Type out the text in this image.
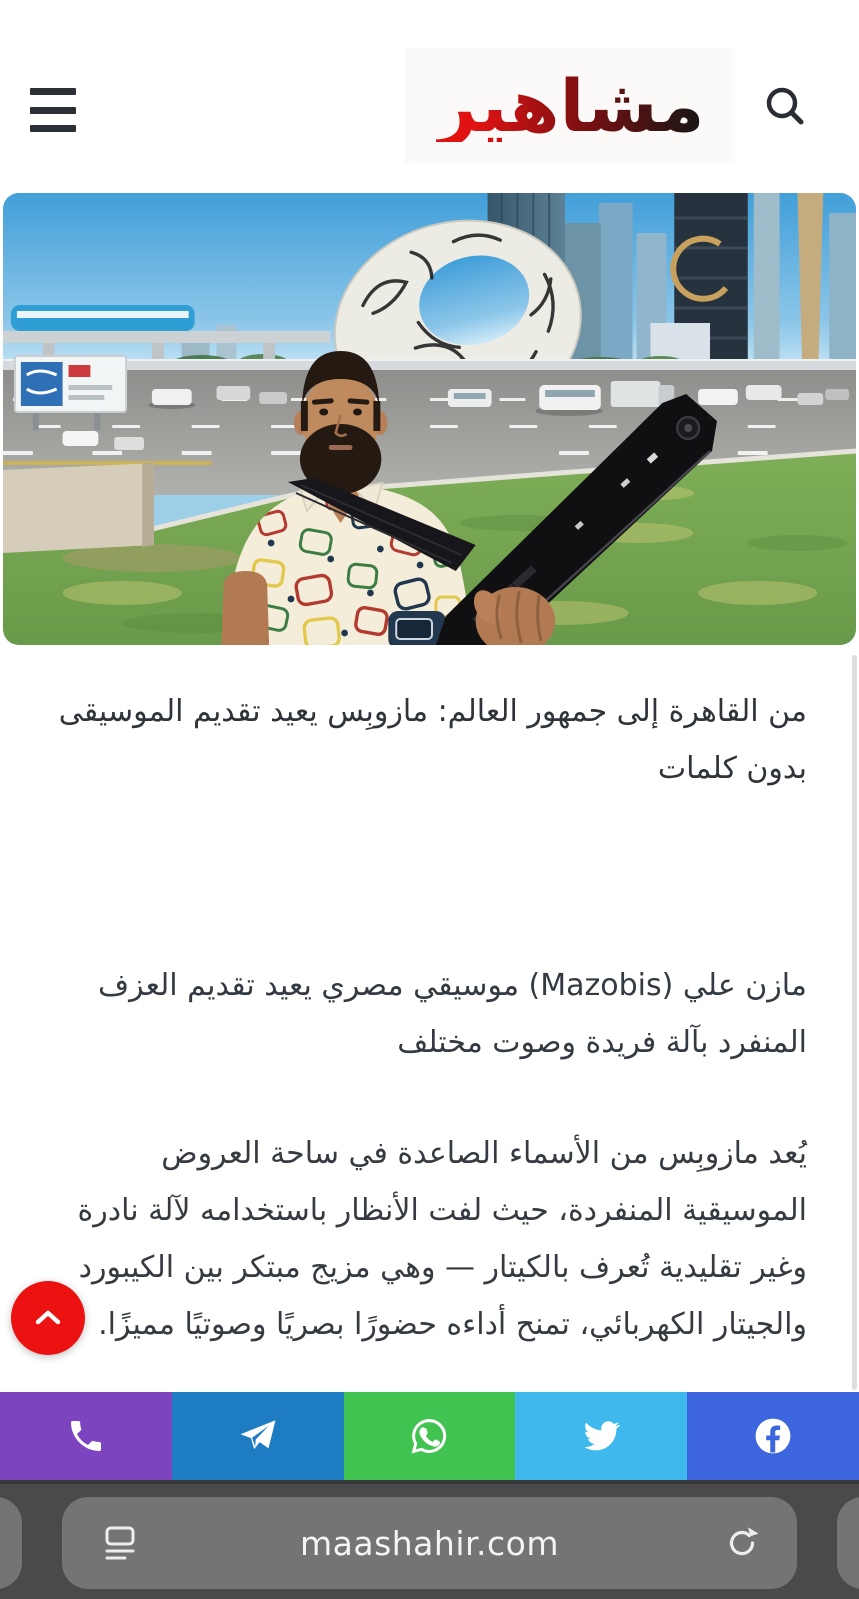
مشاهير
من القاهرة إلى جمهور العالم: مازوبِس يعيد تقديم الموسيقى بدون كلمات

مازن علي (Mazobis) موسيقي مصري يعيد تقديم العزف المنفرد بآلة فريدة وصوت مختلف

يُعد مازوبِس من الأسماء الصاعدة في ساحة العروض الموسيقية المنفردة، حيث لفت الأنظار باستخدامه لآلة نادرة وغير تقليدية تُعرف بالكيتار — وهي مزيج مبتكر بين الكيبورد والجيتار الكهربائي، تمنح أداءه حضورًا بصريًا وصوتيًا مميزًا.

maashahir.com
